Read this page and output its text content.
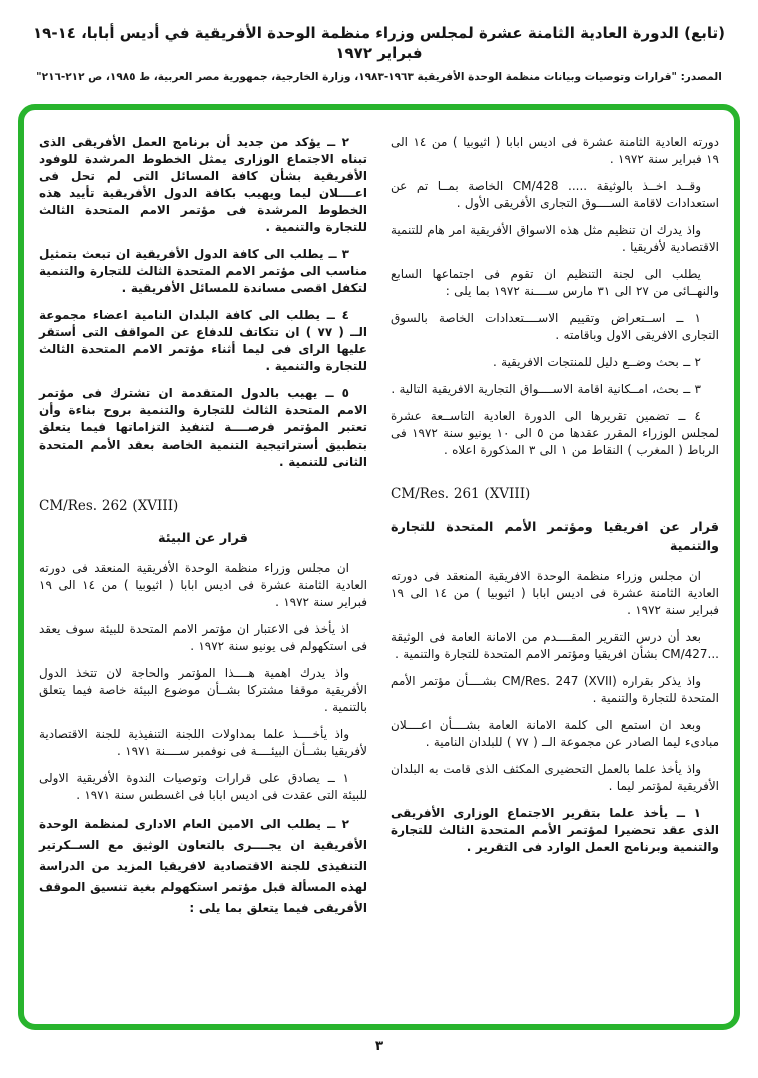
(تابع) الدورة العادية الثامنة عشرة لمجلس وزراء منظمة الوحدة الأفريقية في أديس أبابا، ١٤-١٩ فبراير ١٩٧٢
المصدر: "قرارات وتوصيات وبيانات منظمة الوحدة الأفريقية ١٩٦٣-١٩٨٣، وزارة الخارجية، جمهورية مصر العربية، ط ١٩٨٥، ص ٢١٢-٢١٦"

دورته العادية الثامنة عشرة فى اديس ابابا ( اثيوبيا ) من ١٤ الى ١٩ فبراير سنة ١٩٧٢ .

وقــد اخــذ بالوثيقة ..... CM/428 الخاصة بمــا تم عن استعدادات لاقامة الســــوق التجارى الأفريقى الأول .

واذ يدرك ان تنظيم مثل هذه الاسواق الأفريقية امر هام للتنمية الاقتصادية لأفريقيا .

يطلب الى لجنة التنظيم ان تقوم فى اجتماعها السابع والنهــائى من ٢٧ الى ٣١ مارس ســــنة ١٩٧٢ بما يلى :

١ ــ اســتعراض وتقييم الاســــتعدادات الخاصة بالسوق التجارى الافريقى الاول وباقامته .

٢ ــ بحث وضــع دليل للمنتجات الافريقية .

٣ ــ بحث، امــكانية اقامة الاســــواق التجارية الافريقية التالية .

٤ ــ تضمين تقريرها الى الدورة العادية التاســعة عشرة لمجلس الوزراء المقرر عقدها من ٥ الى ١٠ يونيو سنة ١٩٧٢ فى الرباط ( المغرب ) النقاط من ١ الى ٣ المذكورة اعلاه .

CM/Res. 261 (XVIII)

قرار عن افريقيا ومؤتمر الأمم المتحدة للتجارة والتنمية

ان مجلس وزراء منظمة الوحدة الافريقية المنعقد فى دورته العادية الثامنة عشرة فى اديس ابابا ( اثيوبيا ) من ١٤ الى ١٩ فبراير سنة ١٩٧٢ .

بعد أن درس التقرير المقــــدم من الامانة العامة فى الوثيقة ...CM/427 بشأن افريقيا ومؤتمر الامم المتحدة للتجارة والتنمية .

واذ يذكر بقراره CM/Res. 247 (XVII) بشــــأن مؤتمر الأمم المتحدة للتجارة والتنمية .

وبعد ان استمع الى كلمة الامانة العامة بشــــأن اعــــلان مبادىء ليما الصادر عن مجموعة الــ ( ٧٧ ) للبلدان النامية .

واذ يأخذ علما بالعمل التحضيرى المكثف الذى قامت به البلدان الأفريقية لمؤتمر ليما .

١ ــ يأخذ علما بتقرير الاجتماع الوزارى الأفريقى الذى عقد تحضيرا لمؤتمر الأمم المتحدة الثالث للتجارة والتنمية وبرنامج العمل الوارد فى التقرير .

٢ ــ يؤكد من جديد أن برنامج العمل الأفريقى الذى تبناه الاجتماع الوزارى يمثل الخطوط المرشدة للوفود الأفريقية بشأن كافة المسائل التى لم تحل فى اعــــلان ليما ويهيب بكافة الدول الأفريقية تأييد هذه الخطوط المرشدة فى مؤتمر الامم المتحدة الثالث للتجارة والتنمية .

٣ ــ يطلب الى كافة الدول الأفريقية ان تبعث بتمثيل مناسب الى مؤتمر الامم المتحدة الثالث للتجارة والتنمية لتكفل اقصى مساندة للمسائل الأفريقية .

٤ ــ يطلب الى كافة البلدان النامية اعضاء مجموعة الــ ( ٧٧ ) ان تتكاتف للدفاع عن المواقف التى أستقر عليها الراى فى ليما أثناء مؤتمر الامم المتحدة الثالث للتجارة والتنمية .

٥ ــ يهيب بالدول المتقدمة ان تشترك فى مؤتمر الامم المتحدة الثالث للتجارة والتنمية بروح بناءة وأن تعتبر المؤتمر فرصــــة لتنفيذ التزاماتها فيما يتعلق بتطبيق أستراتيجية التنمية الخاصة بعقد الأمم المتحدة الثانى للتنمية .

CM/Res. 262 (XVIII)

قرار عن البيئة

ان مجلس وزراء منظمة الوحدة الأفريقية المنعقد فى دورته العادية الثامنة عشرة فى اديس ابابا ( اثيوبيا ) من ١٤ الى ١٩ فبراير سنة ١٩٧٢ .

اذ يأخذ فى الاعتبار ان مؤتمر الامم المتحدة للبيئة سوف يعقد فى استكهولم فى يونيو سنة ١٩٧٢ .

واذ يدرك اهمية هــــذا المؤتمر والحاجة لان تتخذ الدول الأفريقية موقفا مشتركا بشــأن موضوع البيئة خاصة فيما يتعلق بالتنمية .

واذ يأخــــذ علما بمداولات اللجنة التنفيذية للجنة الاقتصادية لأفريقيا بشــأن البيئــــة فى نوفمبر ســــنة ١٩٧١ .

١ ــ يصادق على قرارات وتوصيات الندوة الأفريقية الاولى للبيئة التى عقدت فى اديس ابابا فى اغسطس سنة ١٩٧١ .

٢ ــ يطلب الى الامين العام الادارى لمنظمة الوحدة الأفريقية ان يجــــرى بالتعاون الوثيق مع الســكرتير التنفيذى للجنة الاقتصادية لافريقيا المزيد من الدراسة لهذه المسألة قبل مؤتمر استكهولم بغية تنسيق الموقف الأفريقى فيما يتعلق بما يلى :

٣
